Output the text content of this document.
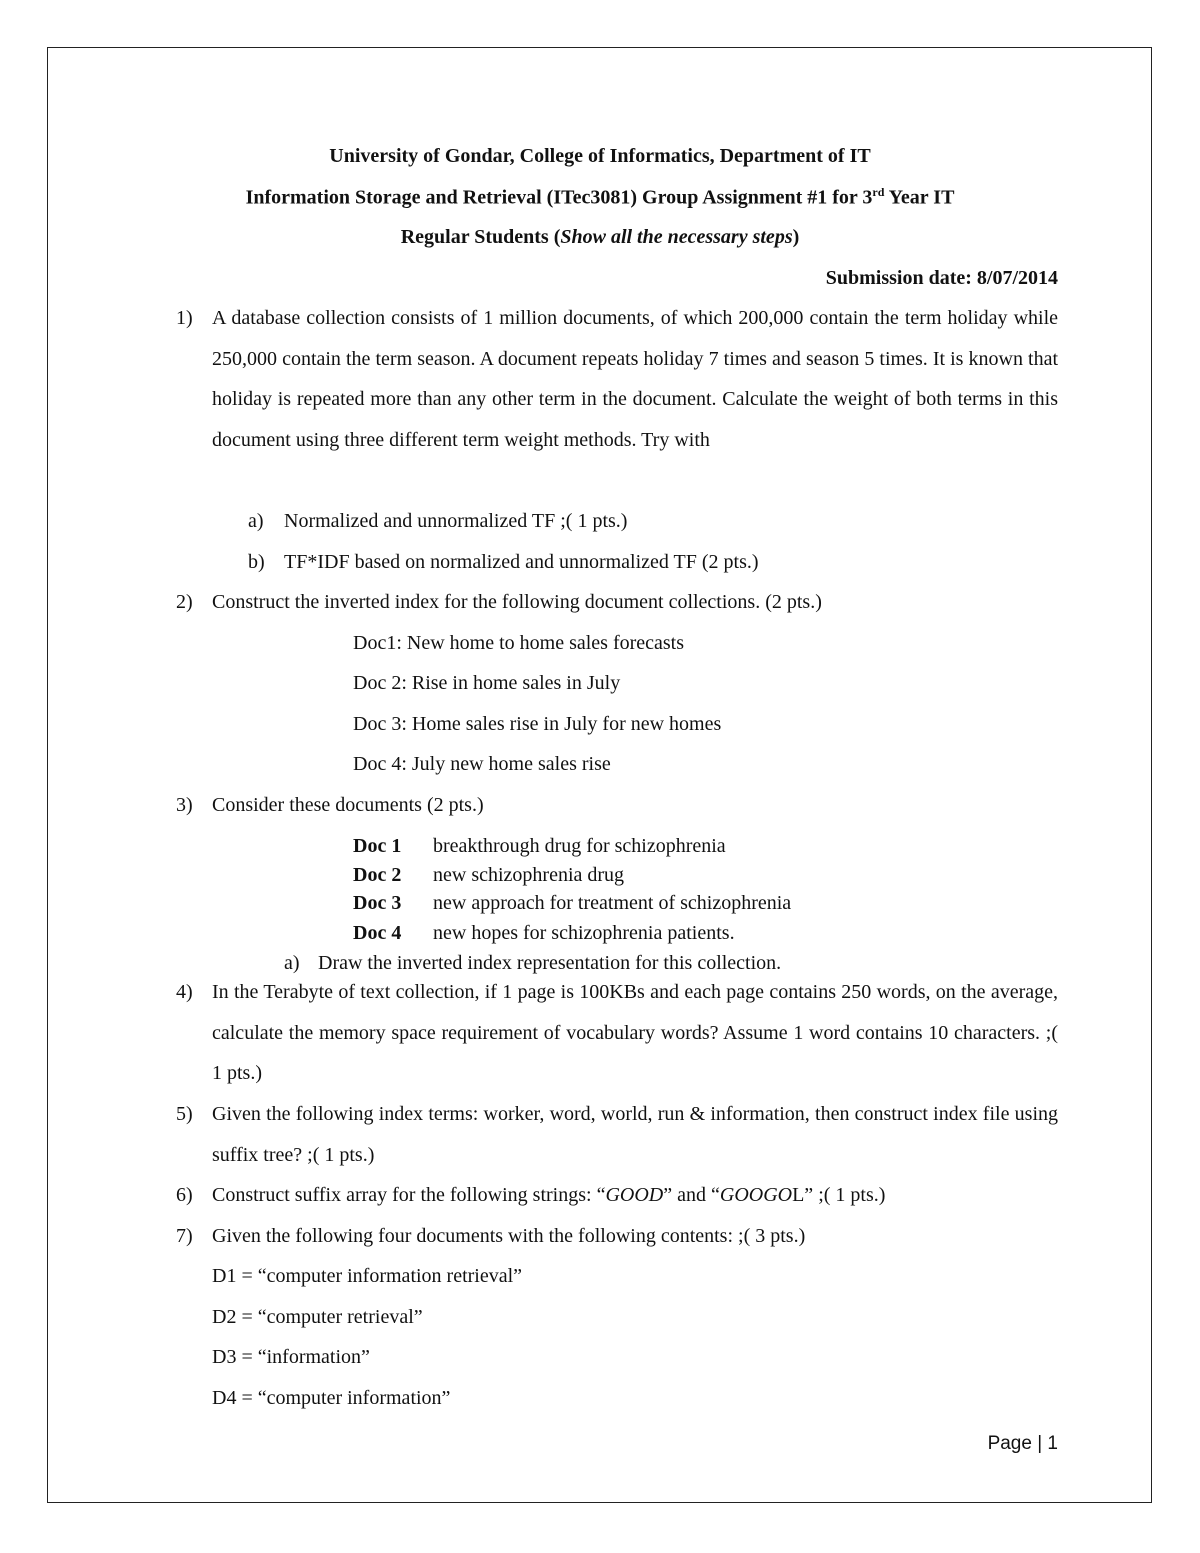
University of Gondar, College of Informatics, Department of IT
Information Storage and Retrieval (ITec3081) Group Assignment #1 for 3rd Year IT
Regular Students (Show all the necessary steps)
Submission date: 8/07/2014
1) A database collection consists of 1 million documents, of which 200,000 contain the term holiday while 250,000 contain the term season. A document repeats holiday 7 times and season 5 times. It is known that holiday is repeated more than any other term in the document. Calculate the weight of both terms in this document using three different term weight methods. Try with
a) Normalized and unnormalized TF ;( 1 pts.)
b) TF*IDF based on normalized and unnormalized TF (2 pts.)
2) Construct the inverted index for the following document collections. (2 pts.)
Doc1: New home to home sales forecasts
Doc 2: Rise in home sales in July
Doc 3: Home sales rise in July for new homes
Doc 4: July new home sales rise
3) Consider these documents (2 pts.)
Doc 1 breakthrough drug for schizophrenia
Doc 2 new schizophrenia drug
Doc 3 new approach for treatment of schizophrenia
Doc 4 new hopes for schizophrenia patients.
a) Draw the inverted index representation for this collection.
4) In the Terabyte of text collection, if 1 page is 100KBs and each page contains 250 words, on the average, calculate the memory space requirement of vocabulary words? Assume 1 word contains 10 characters. ;( 1 pts.)
5) Given the following index terms: worker, word, world, run & information, then construct index file using suffix tree? ;( 1 pts.)
6) Construct suffix array for the following strings: “GOOD” and “GOOGOL” ;( 1 pts.)
7) Given the following four documents with the following contents: ;( 3 pts.)
D1 = “computer information retrieval”
D2 = “computer retrieval”
D3 = “information”
D4 = “computer information”
Page | 1
